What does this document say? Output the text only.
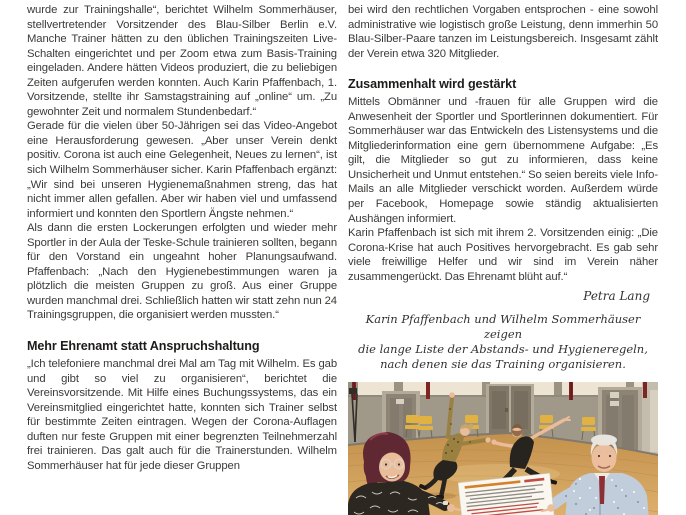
wurde zur Trainingshalle“, berichtet Wilhelm Sommerhäuser, stellvertretender Vorsitzender des Blau-Silber Berlin e.V. Manche Trainer hätten zu den üblichen Trainingszeiten Live-Schalten eingerichtet und per Zoom etwa zum Basis-Training eingeladen. Andere hätten Videos produziert, die zu beliebigen Zeiten aufgerufen werden konnten. Auch Karin Pfaffenbach, 1. Vorsitzende, stellte ihr Samstagstraining auf „online“ um. „Zu gewohnter Zeit und normalem Stundenbedarf.“

Gerade für die vielen über 50-Jährigen sei das Video-Angebot eine Herausforderung gewesen. „Aber unser Verein denkt positiv. Corona ist auch eine Gelegenheit, Neues zu lernen“, ist sich Wilhelm Sommerhäuser sicher. Karin Pfaffenbach ergänzt: „Wir sind bei unseren Hygienemaßnahmen streng, das hat nicht immer allen gefallen. Aber wir haben viel und umfassend informiert und konnten den Sportlern Ängste nehmen.“

Als dann die ersten Lockerungen erfolgten und wieder mehr Sportler in der Aula der Teske-Schule trainieren sollten, begann für den Vorstand ein ungeahnt hoher Planungsaufwand. Pfaffenbach: „Nach den Hygienebestimmungen waren ja plötzlich die meisten Gruppen zu groß. Aus einer Gruppe wurden manchmal drei. Schließlich hatten wir statt zehn nun 24 Trainingsgruppen, die organisiert werden mussten.“

Mehr Ehrenamt statt Anspruchshaltung

„Ich telefoniere manchmal drei Mal am Tag mit Wilhelm. Es gab und gibt so viel zu organisieren“, berichtet die Vereinsvorsitzende. Mit Hilfe eines Buchungssystems, das ein Vereinsmitglied eingerichtet hatte, konnten sich Trainer selbst für bestimmte Zeiten eintragen. Wegen der Corona-Auflagen duften nur feste Gruppen mit einer begrenzten Teilnehmerzahl frei trainieren. Das galt auch für die Trainerstunden. Wilhelm Sommerhäuser hat für jede dieser Gruppen

bei wird den rechtlichen Vorgaben entsprochen - eine sowohl administrative wie logistisch große Leistung, denn immerhin 50 Blau-Silber-Paare tanzen im Leistungsbereich. Insgesamt zählt der Verein etwa 320 Mitglieder.

Zusammenhalt wird gestärkt

Mittels Obmänner und -frauen für alle Gruppen wird die Anwesenheit der Sportler und Sportlerinnen dokumentiert. Für Sommerhäuser war das Entwickeln des Listensystems und die Mitgliederinformation eine gern übernommene Aufgabe: „Es gilt, die Mitglieder so gut zu informieren, dass keine Unsicherheit und Unmut entstehen.“ So seien bereits viele Info-Mails an alle Mitglieder verschickt worden. Außerdem würde per Facebook, Homepage sowie ständig aktualisierten Aushängen informiert.

Karin Pfaffenbach ist sich mit ihrem 2. Vorsitzenden einig: „Die Corona-Krise hat auch Positives hervorgebracht. Es gab sehr viele freiwillige Helfer und wir sind im Verein näher zusammengerückt. Das Ehrenamt blüht auf.“

Petra Lang
Karin Pfaffenbach und Wilhelm Sommerhäuser zeigen
die lange Liste der Abstands- und Hygieneregeln,
nach denen sie das Training organisieren.
